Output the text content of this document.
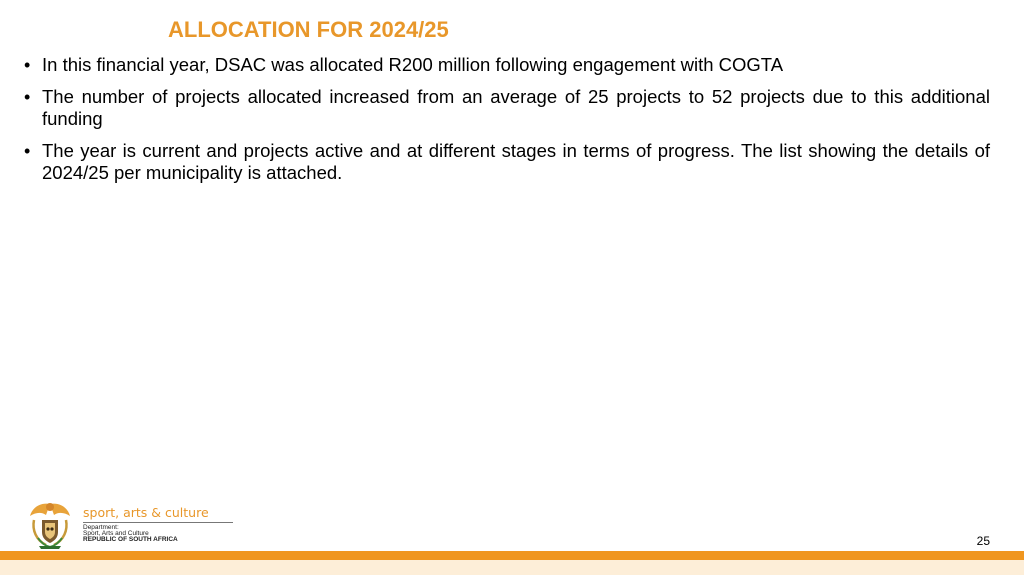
ALLOCATION FOR 2024/25
• In this financial year, DSAC was allocated R200 million following engagement with COGTA
• The number of projects allocated increased from an average of 25 projects to 52 projects due to this additional funding
• The year is current and projects active and at different stages in terms of progress. The list showing the details of 2024/25 per municipality is attached.
sport, arts & culture
Department:
Sport, Arts and Culture
REPUBLIC OF SOUTH AFRICA	25
